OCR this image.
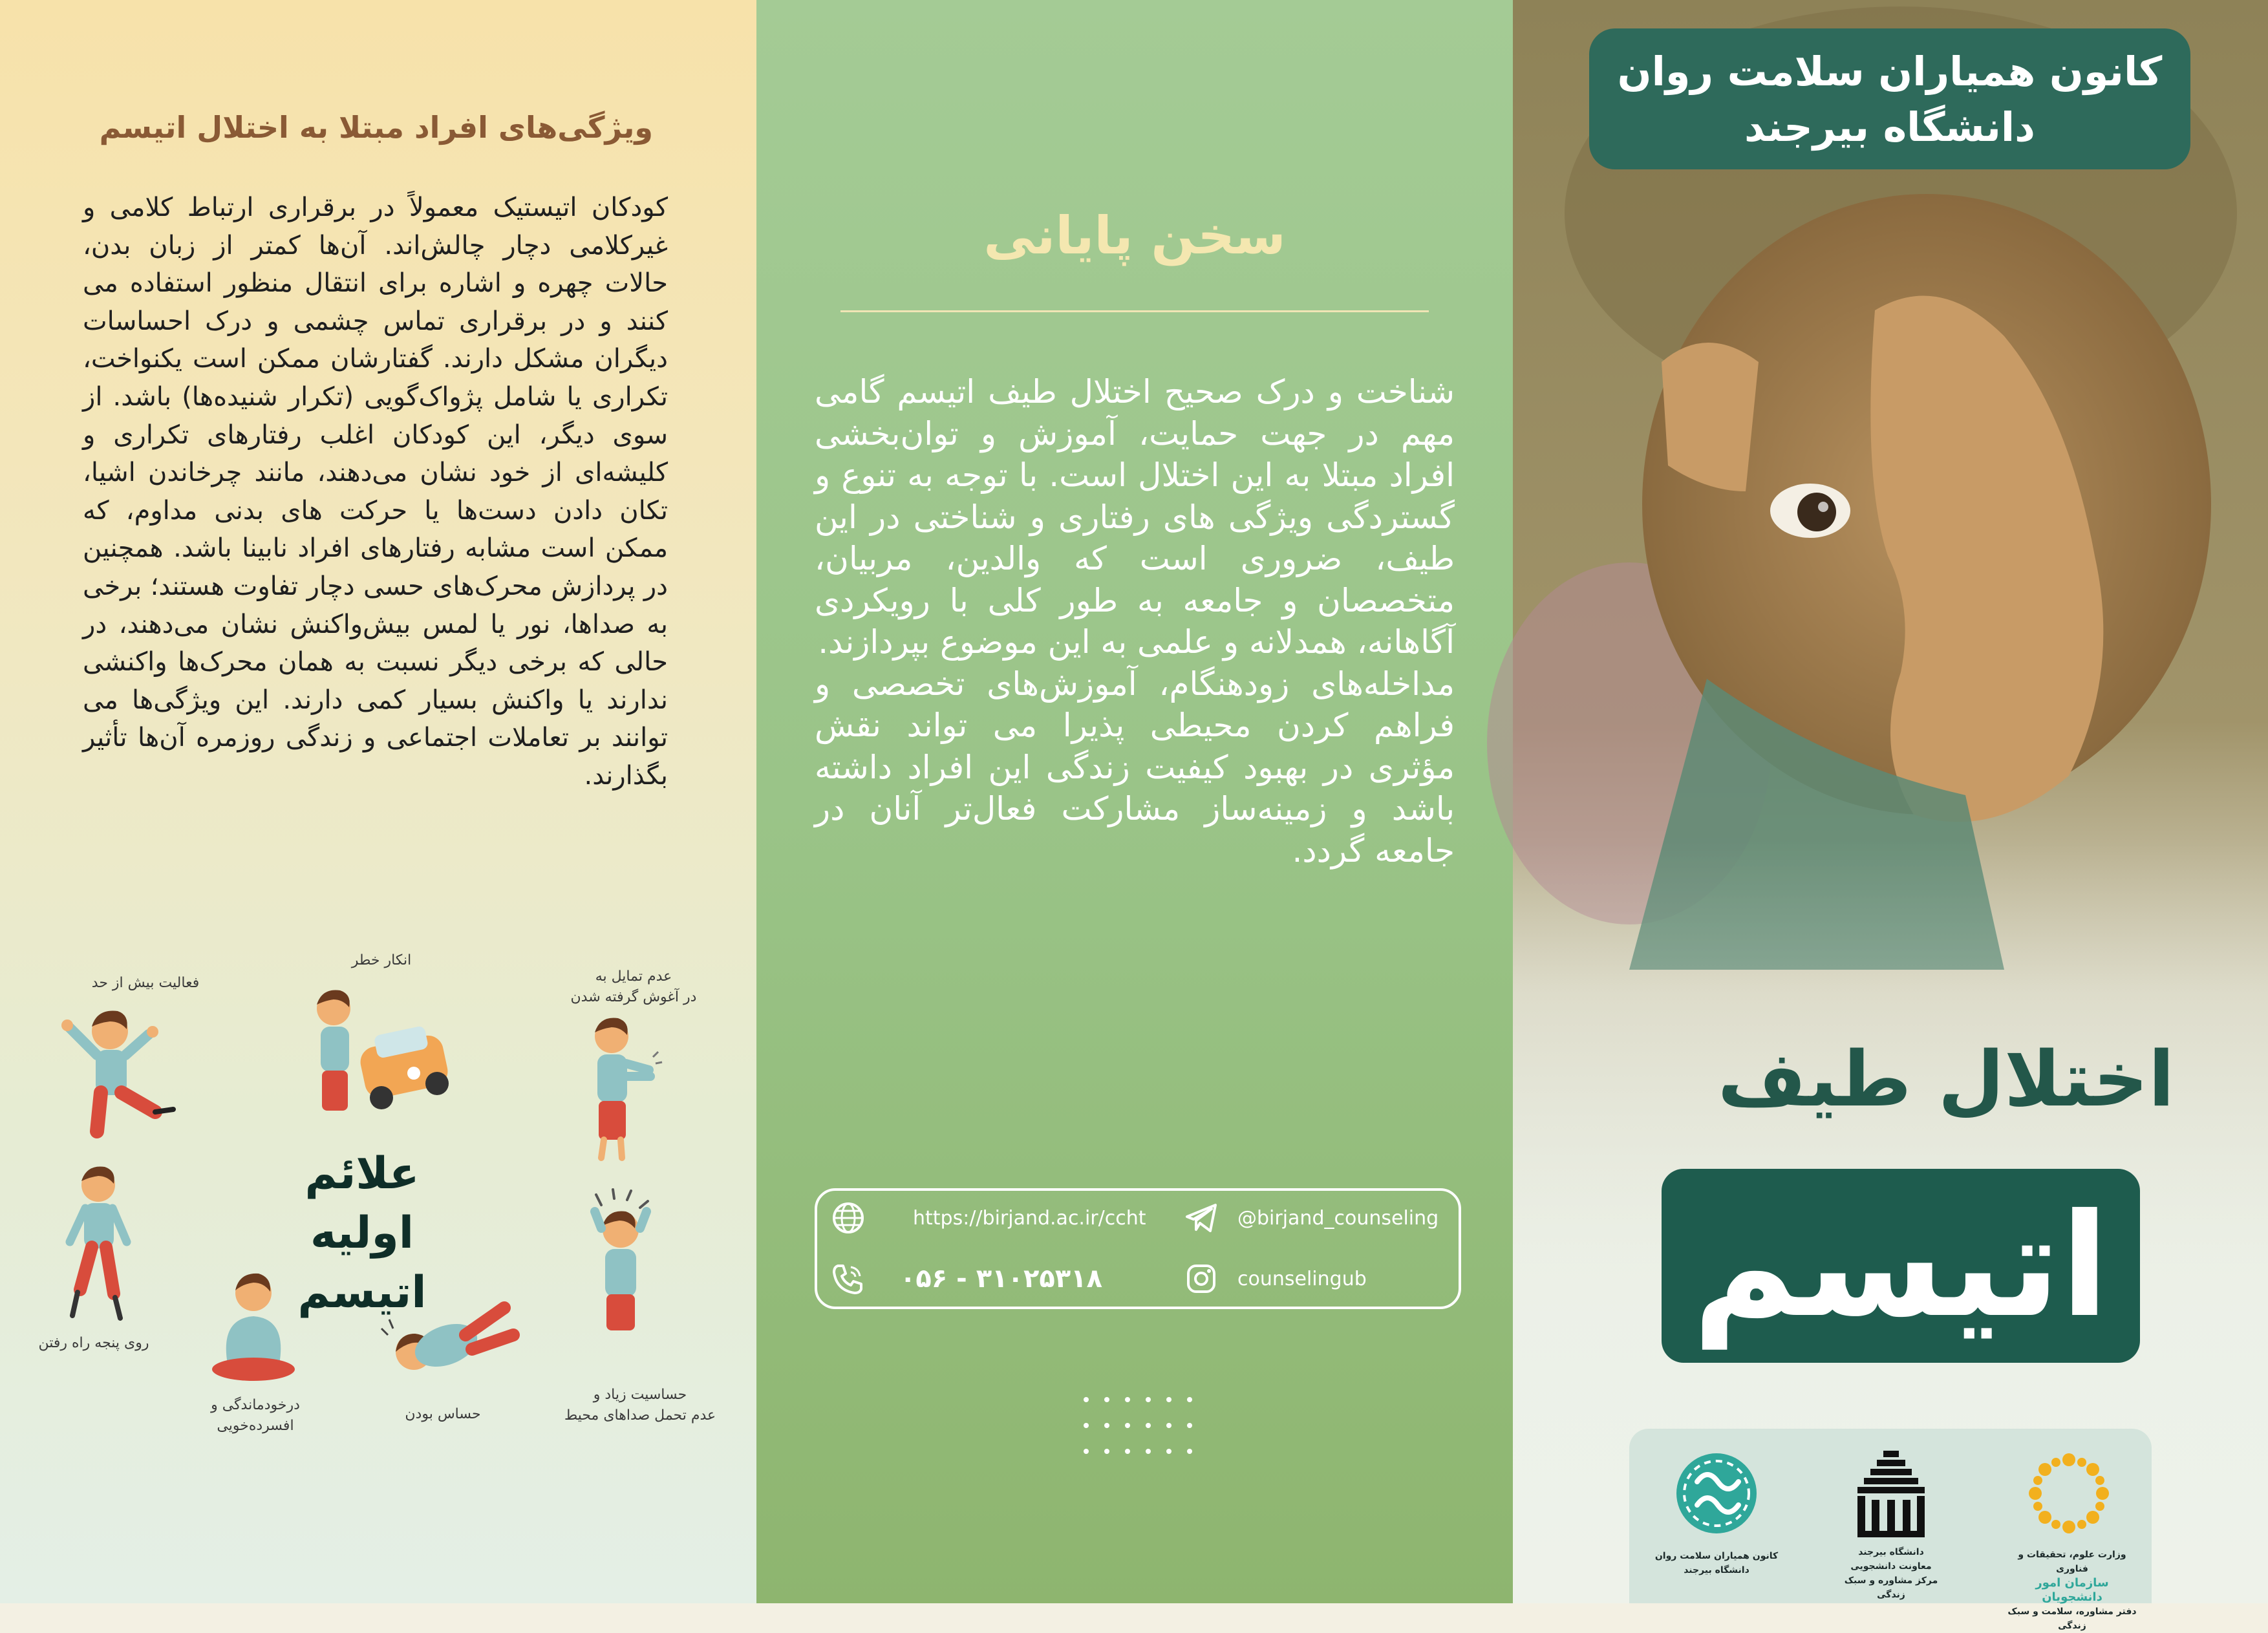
ویژگی‌های افراد مبتلا به اختلال اتیسم
کودکان اتیستیک معمولاً در برقراری ارتباط کلامی و غیرکلامی دچار چالش‌اند. آن‌ها کمتر از زبان بدن، حالات چهره و اشاره برای انتقال منظور استفاده می کنند و در برقراری تماس چشمی و درک احساسات دیگران مشکل دارند. گفتارشان ممکن است یکنواخت، تکراری یا شامل پژواک‌گویی (تکرار شنیده‌ها) باشد. از سوی دیگر، این کودکان اغلب رفتارهای تکراری و کلیشه‌ای از خود نشان می‌دهند، مانند چرخاندن اشیا، تکان دادن دست‌ها یا حرکت های بدنی مداوم، که ممکن است مشابه رفتارهای افراد نابینا باشد. همچنین در پردازش محرک‌های حسی دچار تفاوت هستند؛ برخی به صداها، نور یا لمس بیش‌واکنش نشان می‌دهند، در حالی که برخی دیگر نسبت به همان محرک‌ها واکنشی ندارند یا واکنش بسیار کمی دارند. این ویژگی‌ها می توانند بر تعاملات اجتماعی و زندگی روزمره آن‌ها تأثیر بگذارند.
علائم اولیه
اتیسم
فعالیت بیش از حد
انکار خطر
عدم تمایل به
در آغوش گرفته شدن
روی پنجه راه رفتن
درخودماندگی و
افسرده‌خویی
حساس بودن
حساسیت زیاد و
عدم تحمل صداهای محیط
سخن پایانی
شناخت و درک صحیح اختلال طیف اتیسم گامی مهم در جهت حمایت، آموزش و توان‌بخشی افراد مبتلا به این اختلال است. با توجه به تنوع و گستردگی ویژگی های رفتاری و شناختی در این طیف، ضروری است که والدین، مربیان، متخصصان و جامعه به طور کلی با رویکردی آگاهانه، همدلانه و علمی به این موضوع بپردازند.
مداخله‌های زودهنگام، آموزش‌های تخصصی و فراهم کردن محیطی پذیرا می تواند نقش مؤثری در بهبود کیفیت زندگی این افراد داشته باشد و زمینه‌ساز مشارکت فعال‌تر آنان در جامعه گردد.
https://birjand.ac.ir/ccht	@birjand_counseling
۰۵۶ - ۳۱۰۲۵۳۱۸	counselingub
کانون همیاران سلامت روان
دانشگاه بیرجند
اختلال طیف
اتیسم
وزارت علوم، تحقیقات و فناوری
سازمان امور دانشجویان
دفتر مشاوره، سلامت و سبک زندگی
دانشگاه بیرجند
معاونت دانشجویی
مرکز مشاوره و سبک زندگی
کانون همیاران سلامت روان
دانشگاه بیرجند
